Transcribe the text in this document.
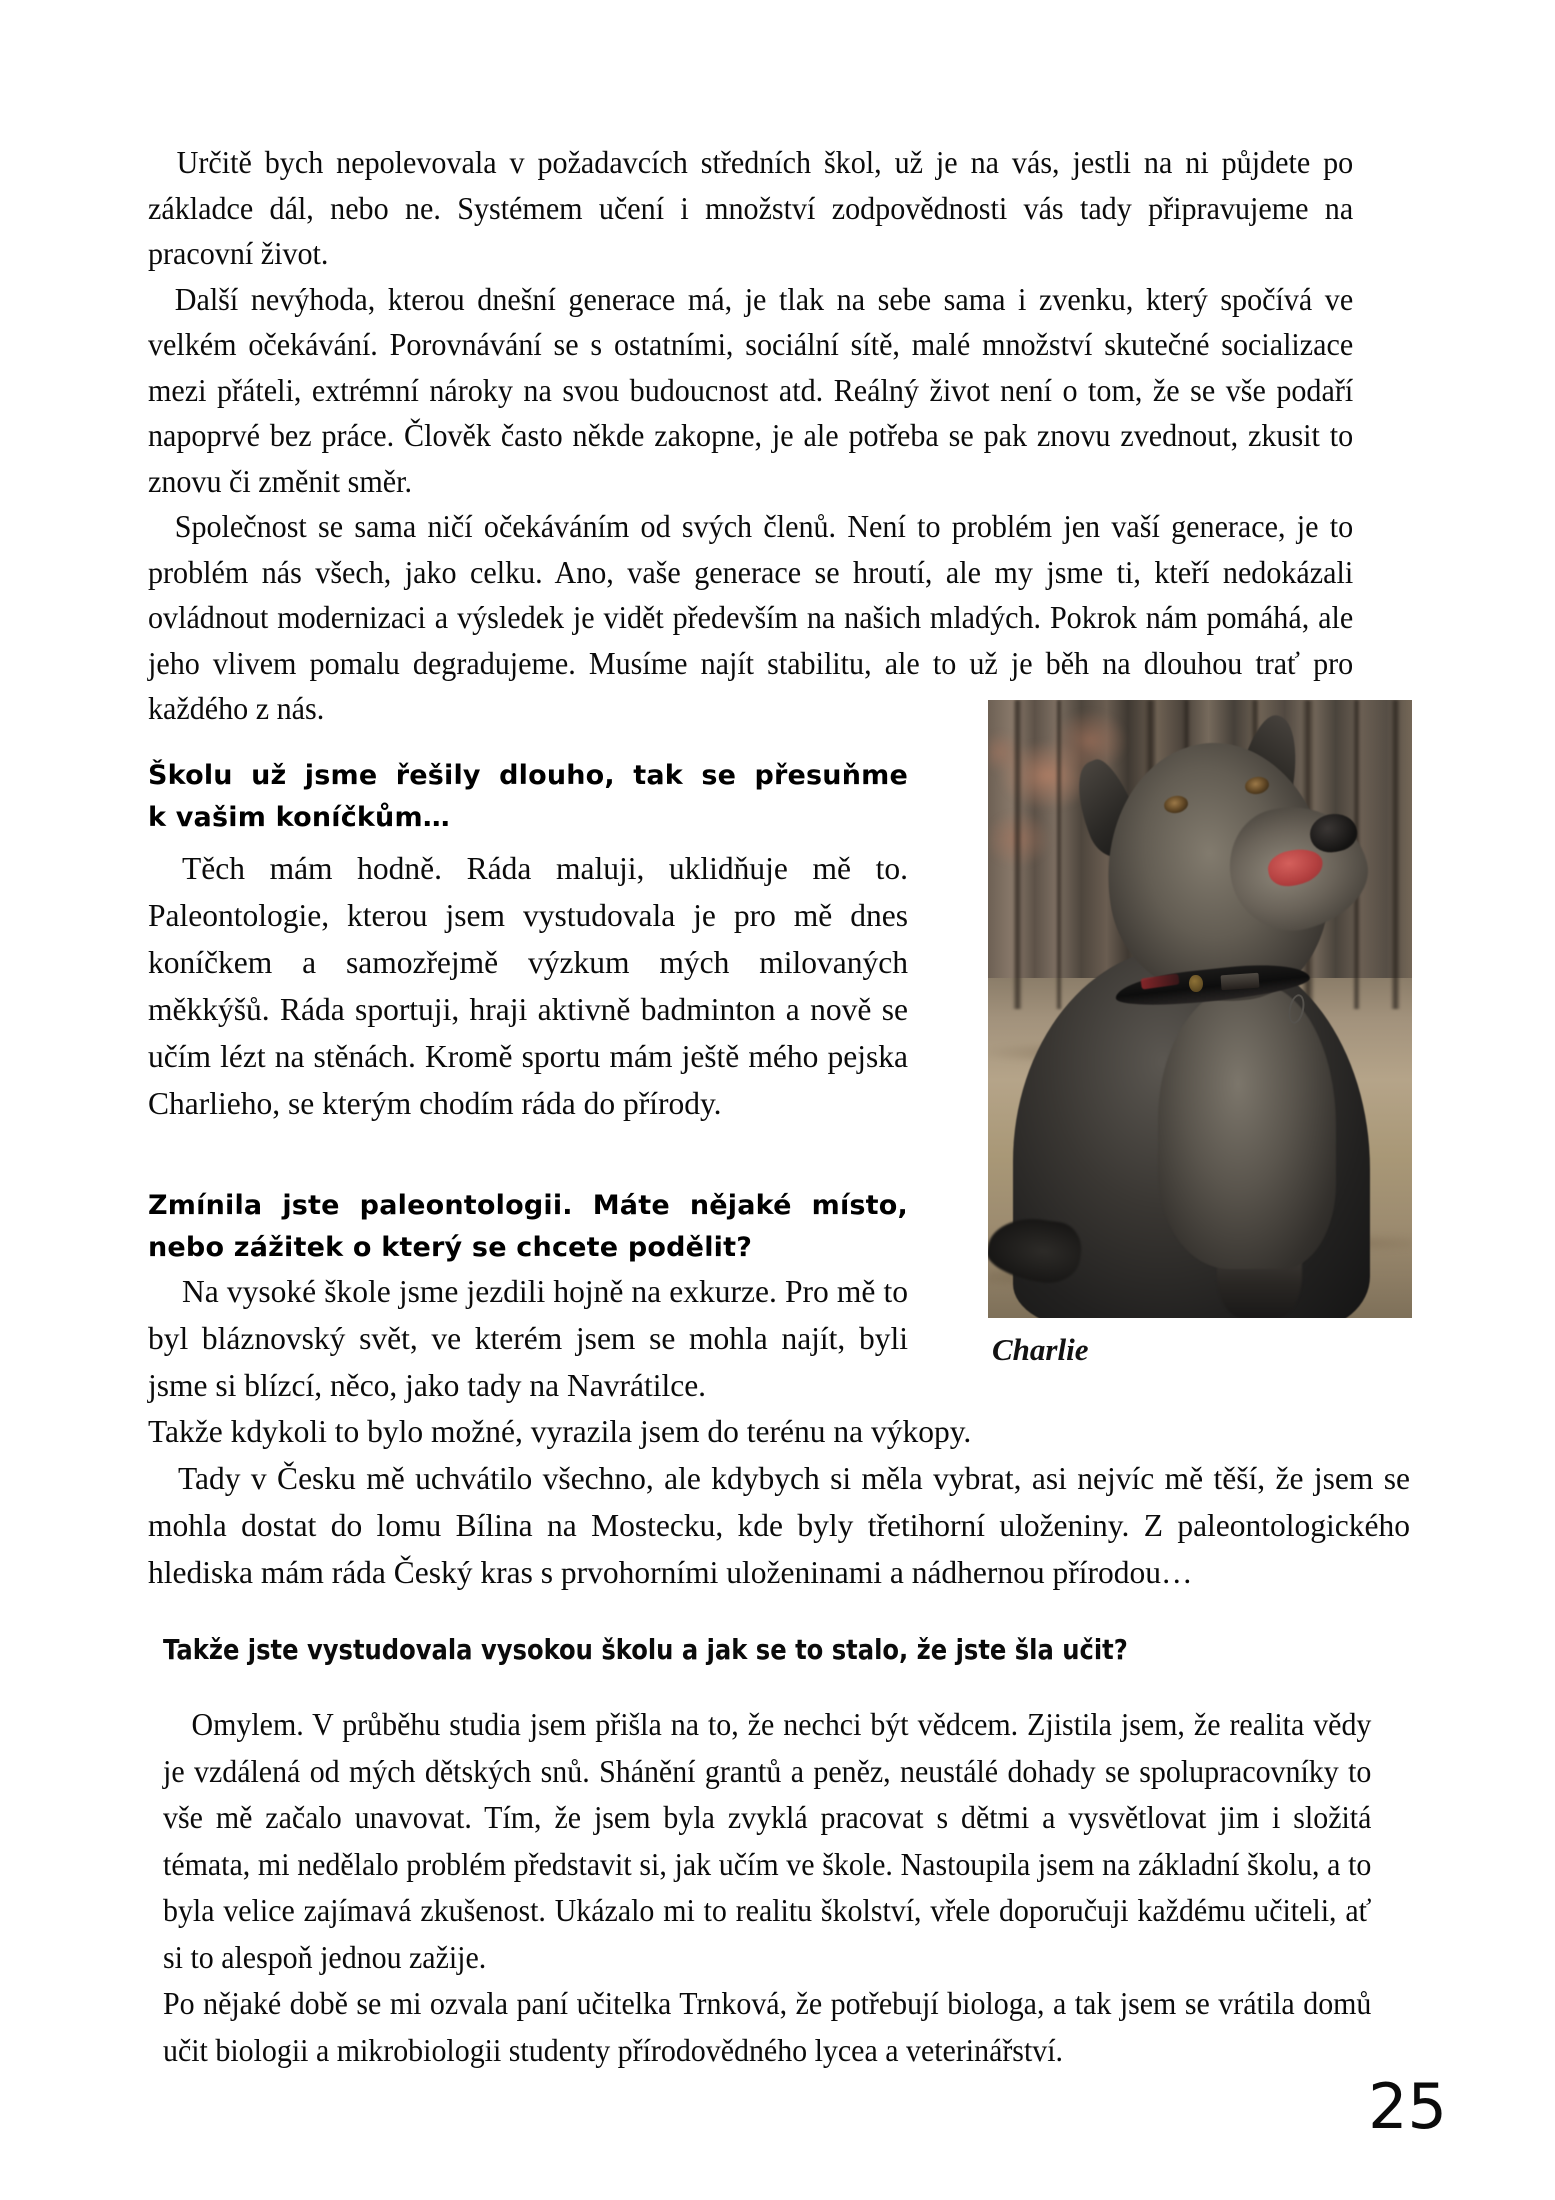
Určitě bych nepolevovala v požadavcích středních škol, už je na vás, jestli na ni půjdete po základce dál, nebo ne. Systémem učení i množství zodpovědnosti vás tady připravujeme na pracovní život.

Další nevýhoda, kterou dnešní generace má, je tlak na sebe sama i zvenku, který spočívá ve velkém očekávání. Porovnávání se s ostatními, sociální sítě, malé množství skutečné socializace mezi přáteli, extrémní nároky na svou budoucnost atd. Reálný život není o tom, že se vše podaří napoprvé bez práce. Člověk často někde zakopne, je ale potřeba se pak znovu zvednout, zkusit to znovu či změnit směr.

Společnost se sama ničí očekáváním od svých členů. Není to problém jen vaší generace, je to problém nás všech, jako celku. Ano, vaše generace se hroutí, ale my jsme ti, kteří nedokázali ovládnout modernizaci a výsledek je vidět především na našich mladých. Pokrok nám pomáhá, ale jeho vlivem pomalu degradujeme. Musíme najít stabilitu, ale to už je běh na dlouhou trať pro každého z nás.

Školu už jsme řešily dlouho, tak se přesuňme
k vašim koníčkům…

Těch mám hodně. Ráda maluji, uklidňuje mě to. Paleontologie, kterou jsem vystudovala je pro mě dnes koníčkem a samozřejmě výzkum mých milovaných měkkýšů. Ráda sportuji, hraji aktivně badminton a nově se učím lézt na stěnách. Kromě sportu mám ještě mého pejska Charlieho, se kterým chodím ráda do přírody.

Zmínila jste paleontologii. Máte nějaké místo,
nebo zážitek o který se chcete podělit?

Na vysoké škole jsme jezdili hojně na exkurze. Pro mě to byl bláznovský svět, ve kterém jsem se mohla najít, byli jsme si blízcí, něco, jako tady na Navrátilce.

Takže kdykoli to bylo možné, vyrazila jsem do terénu na výkopy.

Tady v Česku mě uchvátilo všechno, ale kdybych si měla vybrat, asi nejvíc mě těší, že jsem se mohla dostat do lomu Bílina na Mostecku, kde byly třetihorní uloženiny. Z paleontologického hlediska mám ráda Český kras s prvohorními uloženinami a nádhernou přírodou…

Charlie
Takže jste vystudovala vysokou školu a jak se to stalo, že jste šla učit?

Omylem. V průběhu studia jsem přišla na to, že nechci být vědcem. Zjistila jsem, že realita vědy je vzdálená od mých dětských snů. Shánění grantů a peněz, neustálé dohady se spolupracovníky to vše mě začalo unavovat. Tím, že jsem byla zvyklá pracovat s dětmi a vysvětlovat jim i složitá témata, mi nedělalo problém představit si, jak učím ve škole. Nastoupila jsem na základní školu, a to byla velice zajímavá zkušenost. Ukázalo mi to realitu školství, vřele doporučuji každému učiteli, ať si to alespoň jednou zažije.

Po nějaké době se mi ozvala paní učitelka Trnková, že potřebují biologa, a tak jsem se vrátila domů učit biologii a mikrobiologii studenty přírodovědného lycea a veterinářství.

25
